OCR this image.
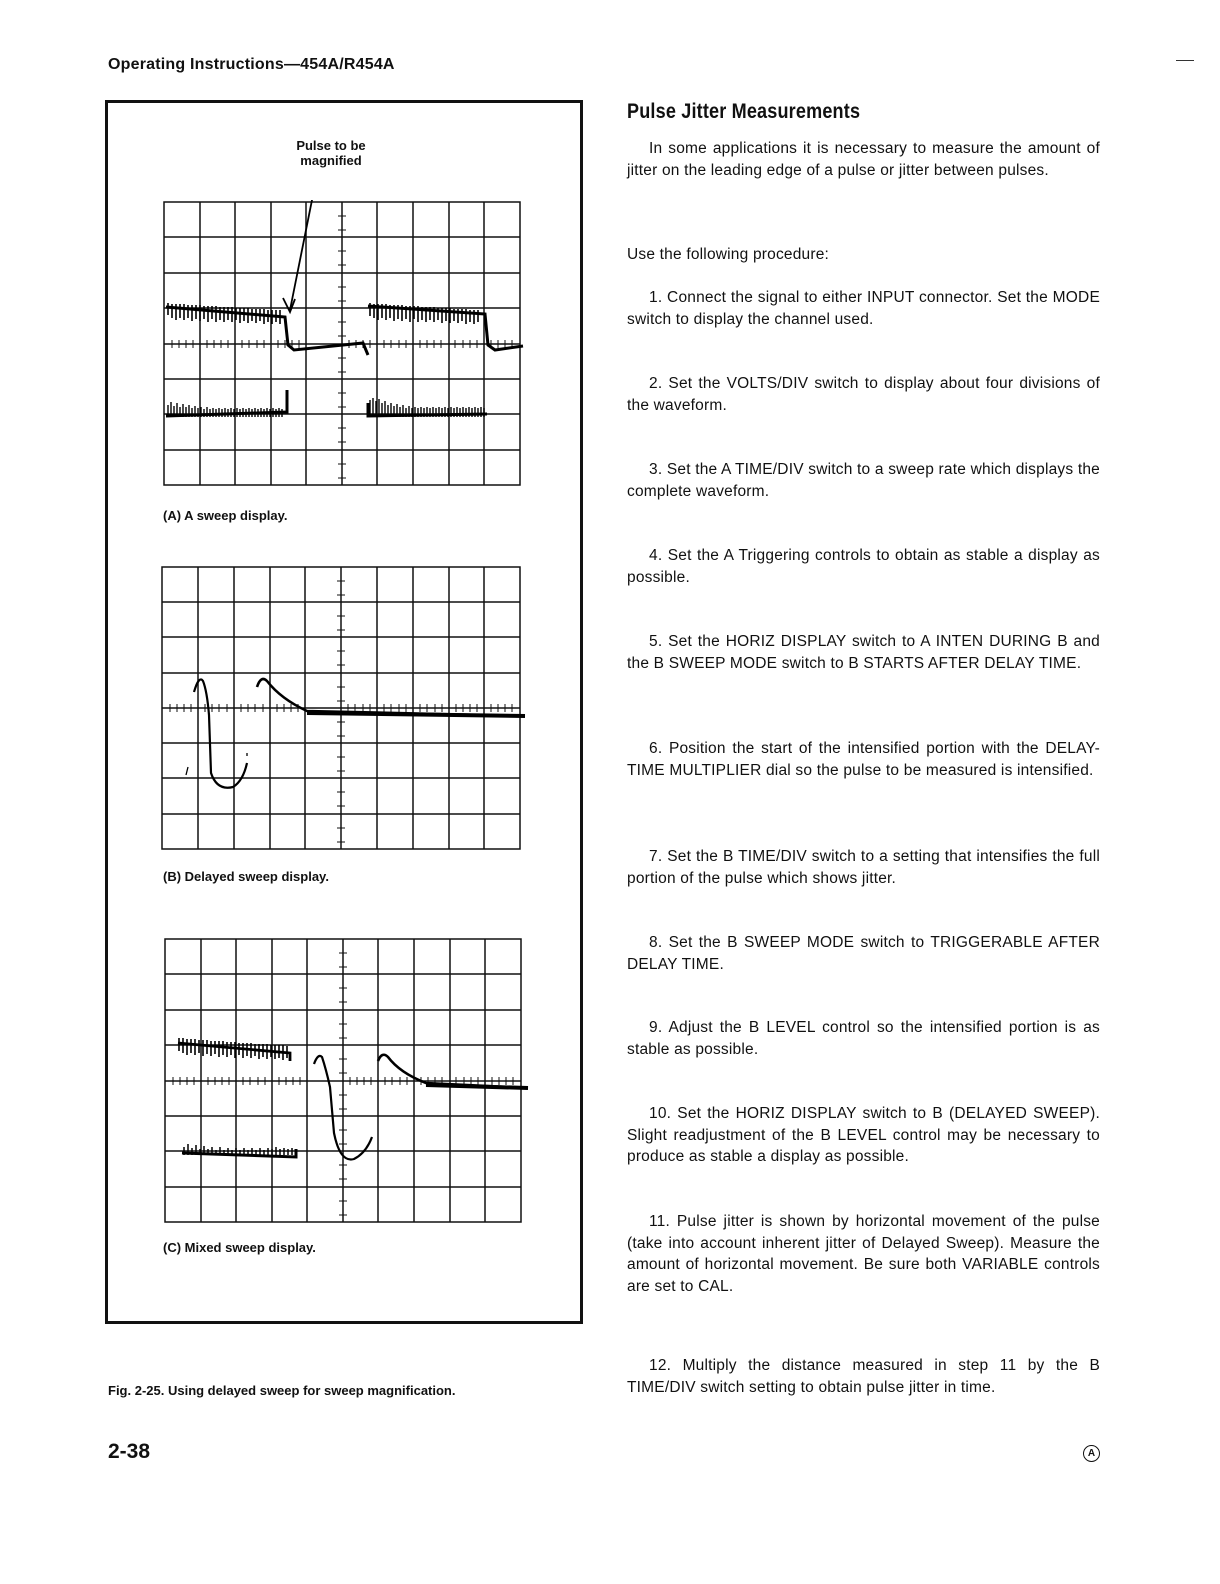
Operating Instructions—454A/R454A
Pulse to be
magnified
(A) A sweep display.
(B) Delayed sweep display.
(C) Mixed sweep display.
Fig. 2-25. Using delayed sweep for sweep magnification.
Pulse Jitter Measurements

In some applications it is necessary to measure the amount of jitter on the leading edge of a pulse or jitter between pulses.

Use the following procedure:

1. Connect the signal to either INPUT connector. Set the MODE switch to display the channel used.

2. Set the VOLTS/DIV switch to display about four divisions of the waveform.

3. Set the A TIME/DIV switch to a sweep rate which displays the complete waveform.

4. Set the A Triggering controls to obtain as stable a display as possible.

5. Set the HORIZ DISPLAY switch to A INTEN DURING B and the B SWEEP MODE switch to B STARTS AFTER DELAY TIME.

6. Position the start of the intensified portion with the DELAY-TIME MULTIPLIER dial so the pulse to be measured is intensified.

7. Set the B TIME/DIV switch to a setting that intensifies the full portion of the pulse which shows jitter.

8. Set the B SWEEP MODE switch to TRIGGERABLE AFTER DELAY TIME.

9. Adjust the B LEVEL control so the intensified portion is as stable as possible.

10. Set the HORIZ DISPLAY switch to B (DELAYED SWEEP). Slight readjustment of the B LEVEL control may be necessary to produce as stable a display as possible.

11. Pulse jitter is shown by horizontal movement of the pulse (take into account inherent jitter of Delayed Sweep). Measure the amount of horizontal movement. Be sure both VARIABLE controls are set to CAL.

12. Multiply the distance measured in step 11 by the B TIME/DIV switch setting to obtain pulse jitter in time.

2-38	A
